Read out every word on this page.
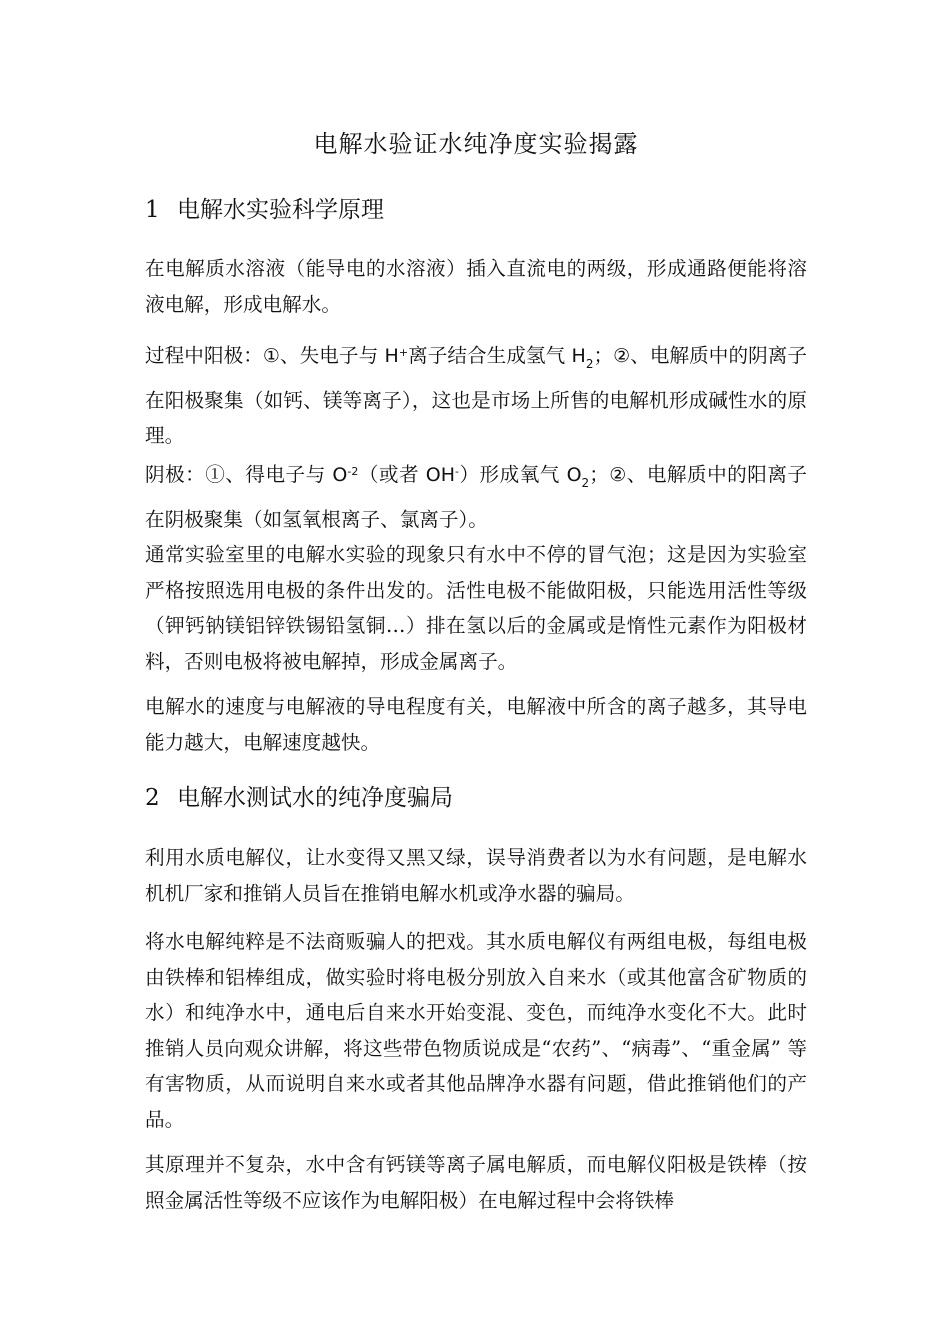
电解水验证水纯净度实验揭露
1 电解水实验科学原理
在电解质水溶液（能导电的水溶液）插入直流电的两级，形成通路便能将溶液电解，形成电解水。
过程中阳极：①、失电子与 H+离子结合生成氢气 $H_2$；②、电解质中的阴离子在阳极聚集（如钙、镁等离子），这也是市场上所售的电解机形成碱性水的原理。
阴极：①、得电子与 $O^{-2}$（或者 OH-）形成氧气 $O_2$；②、电解质中的阳离子在阴极聚集（如氢氧根离子、氯离子）。
通常实验室里的电解水实验的现象只有水中不停的冒气泡；这是因为实验室严格按照选用电极的条件出发的。活性电极不能做阳极，只能选用活性等级（钾钙钠镁铝锌铁锡铅氢铜…）排在氢以后的金属或是惰性元素作为阳极材料，否则电极将被电解掉，形成金属离子。
电解水的速度与电解液的导电程度有关，电解液中所含的离子越多，其导电能力越大，电解速度越快。
2 电解水测试水的纯净度骗局
利用水质电解仪，让水变得又黑又绿，误导消费者以为水有问题，是电解水机机厂家和推销人员旨在推销电解水机或净水器的骗局。
将水电解纯粹是不法商贩骗人的把戏。其水质电解仪有两组电极，每组电极由铁棒和铝棒组成，做实验时将电极分别放入自来水（或其他富含矿物质的水）和纯净水中，通电后自来水开始变混、变色，而纯净水变化不大。此时推销人员向观众讲解，将这些带色物质说成是“农药”、“病毒”、“重金属” 等有害物质，从而说明自来水或者其他品牌净水器有问题，借此推销他们的产品。
其原理并不复杂，水中含有钙镁等离子属电解质，而电解仪阳极是铁棒（按照金属活性等级不应该作为电解阳极）在电解过程中会将铁棒
